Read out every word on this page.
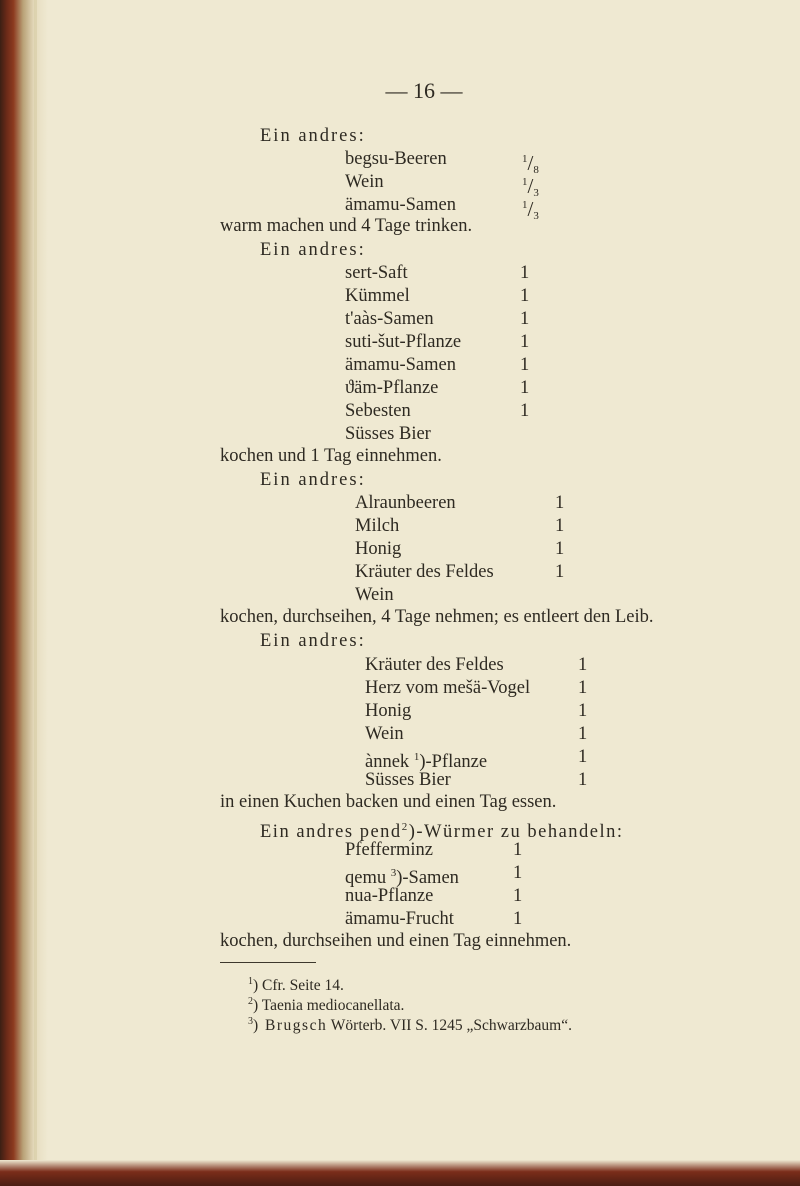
— 16 —
Ein andres:
begsu-Beeren	$^1$/8
Wein	$^1$/3
ämamu-Samen	$^1$/3
warm machen und 4 Tage trinken.
Ein andres:
sert-Saft	1
Kümmel	1
t'aàs-Samen	1
suti-šut-Pflanze	1
ämamu-Samen	1
ϑäm-Pflanze	1
Sebesten	1
Süsses Bier
kochen und 1 Tag einnehmen.
Ein andres:
Alraunbeeren	1
Milch	1
Honig	1
Kräuter des Feldes	1
Wein
kochen, durchseihen, 4 Tage nehmen; es entleert den Leib.
Ein andres:
Kräuter des Feldes	1
Herz vom mešä-Vogel	1
Honig	1
Wein	1
ànnek $^1$)-Pflanze	1
Süsses Bier	1
in einen Kuchen backen und einen Tag essen.
Ein andres pend$^2$)-Würmer zu behandeln:
Pfefferminz	1
qemu $^3$)-Samen	1
nua-Pflanze	1
ämamu-Frucht	1
kochen, durchseihen und einen Tag einnehmen.
$^1$) Cfr. Seite 14.
$^2$) Taenia mediocanellata.
$^3$) Brugsch Wörterb. VII S. 1245 „Schwarzbaum“.
